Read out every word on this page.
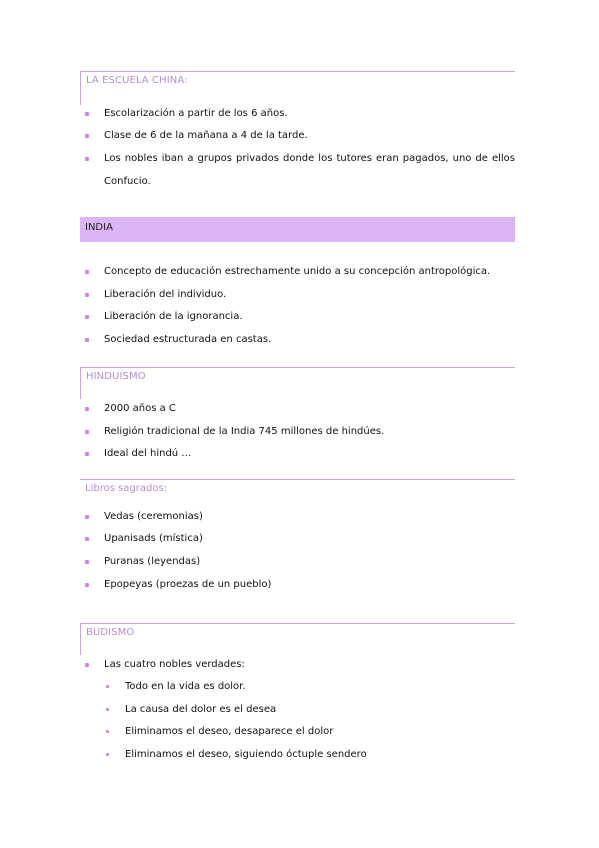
LA ESCUELA CHINA:
Escolarización a partir de los 6 años.
Clase de 6 de la mañana a 4 de la tarde.
Los nobles iban a grupos privados donde los tutores eran pagados, uno de ellos Confucio.
INDIA
Concepto de educación estrechamente unido a su concepción antropológica.
Liberación del individuo.
Liberación de la ignorancia.
Sociedad estructurada en castas.
HINDUISMO
2000 años a C
Religión tradicional de la India 745 millones de hindúes.
Ideal del hindú …
Libros sagrados:
Vedas (ceremonias)
Upanisads (mística)
Puranas (leyendas)
Epopeyas (proezas de un pueblo)
BUDISMO
Las cuatro nobles verdades:
Todo en la vida es dolor.
La causa del dolor es el desea
Eliminamos el deseo, desaparece el dolor
Eliminamos el deseo, siguiendo óctuple sendero
